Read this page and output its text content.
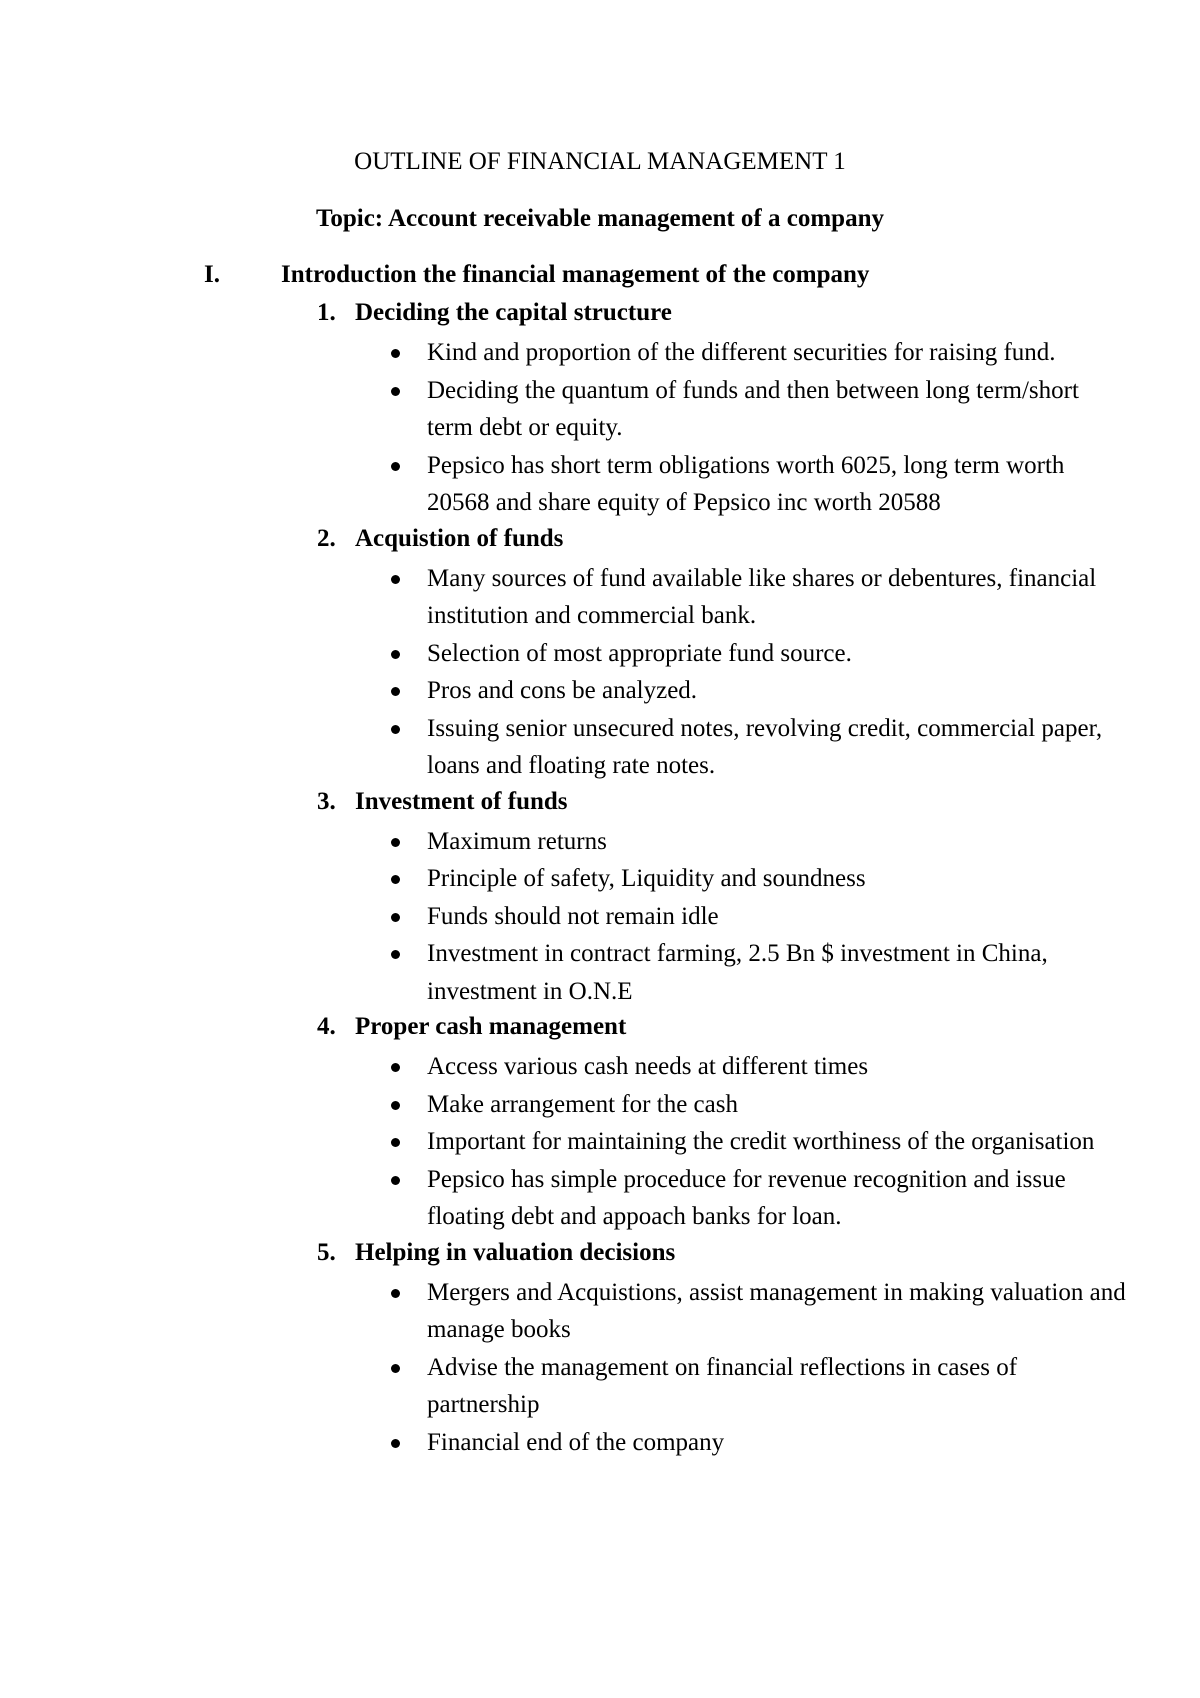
OUTLINE OF FINANCIAL MANAGEMENT 1
Topic: Account receivable management of a company
I. Introduction the financial management of the company
1. Deciding the capital structure
Kind and proportion of the different securities for raising fund.
Deciding the quantum of funds and then between long term/short term debt or equity.
Pepsico has short term obligations worth 6025, long term worth 20568 and share equity of Pepsico inc worth 20588
2. Acquistion of funds
Many sources of fund available like shares or debentures, financial institution and commercial bank.
Selection of most appropriate fund source.
Pros and cons be analyzed.
Issuing senior unsecured notes, revolving credit, commercial paper, loans and floating rate notes.
3. Investment of funds
Maximum returns
Principle of safety, Liquidity and soundness
Funds should not remain idle
Investment in contract farming, 2.5 Bn $ investment in China, investment in O.N.E
4. Proper cash management
Access various cash needs at different times
Make arrangement for the cash
Important for maintaining the credit worthiness of the organisation
Pepsico has simple proceduce for revenue recognition and issue floating debt and appoach banks for loan.
5. Helping in valuation decisions
Mergers and Acquistions, assist management in making valuation and manage books
Advise the management on financial reflections in cases of partnership
Financial end of the company
